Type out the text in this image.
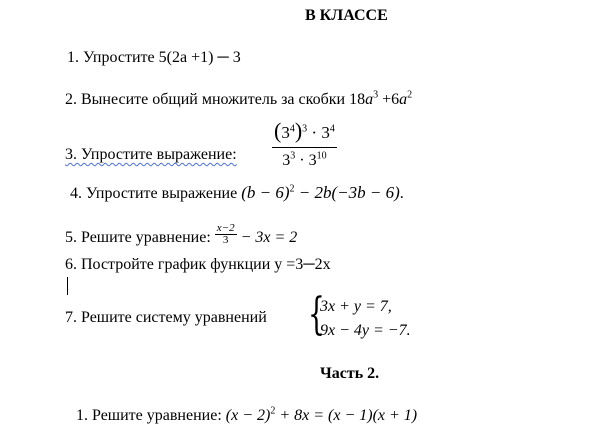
В КЛАССЕ
1. Упростите 5(2a +1) ─ 3
2. Вынесите общий множитель за скобки $18a^3 +6a^2$
3. Упростите выражение: $\frac{(3^4)^3 \cdot 3^4}{3^3 \cdot 3^{10}}$
4. Упростите выражение $(b - 6)^2 - 2b(-3b - 6)$.
5. Решите уравнение: $\frac{x-2}{3} - 3x = 2$
6. Постройте график функции у =3─2х
7. Решите систему уравнений {
3x + y = 7,
9x − 4y = −7.
Часть 2.
1. Решите уравнение: $(x - 2)^2 + 8x = (x - 1)(x + 1)$
